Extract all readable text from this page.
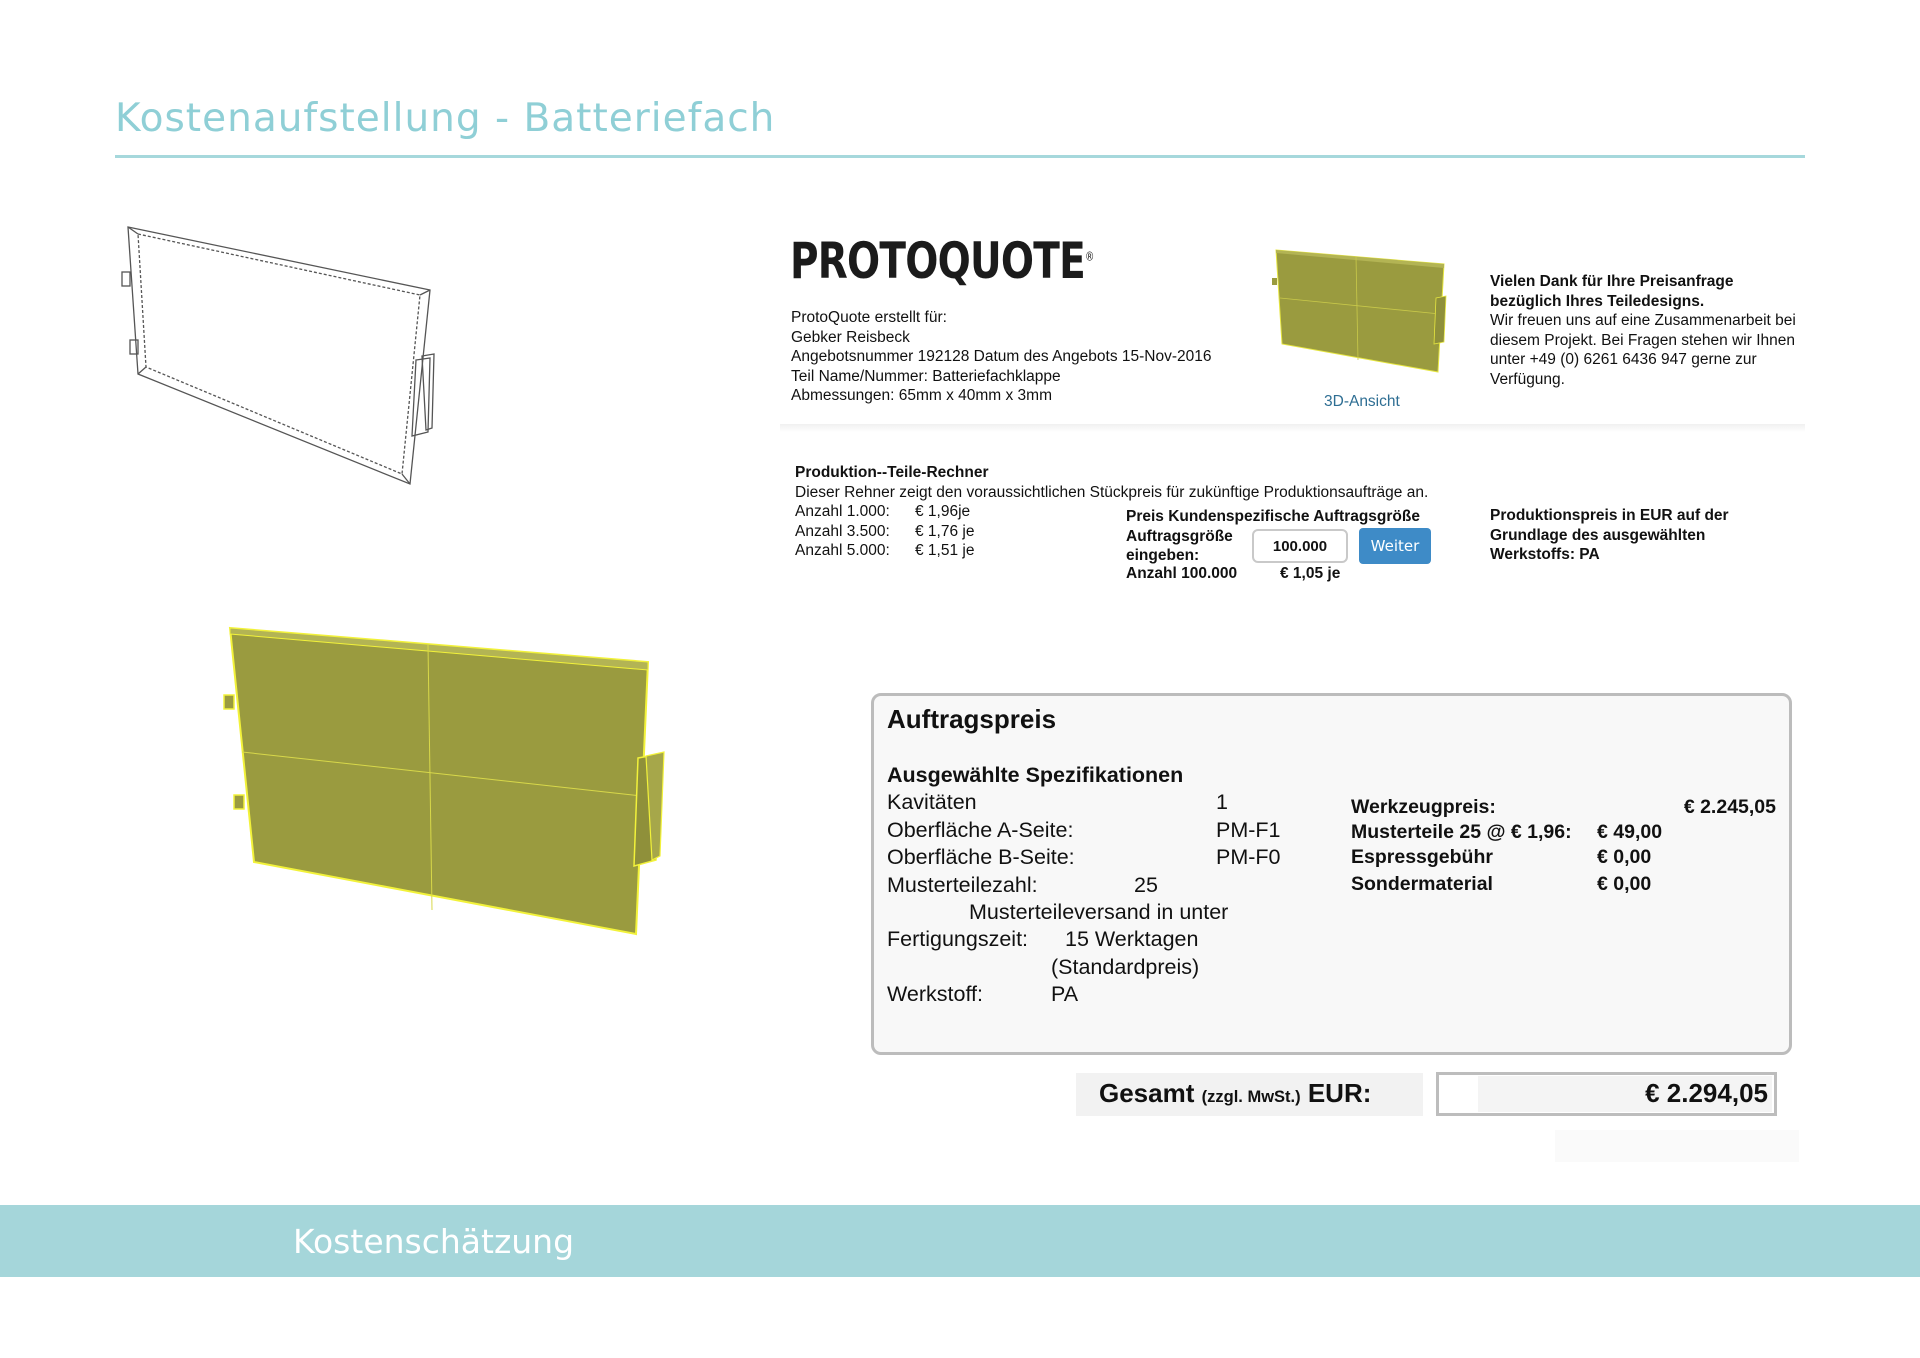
Kostenaufstellung - Batteriefach
PROTOQUOTE®
ProtoQuote erstellt für:
Gebker Reisbeck
Angebotsnummer 192128 Datum des Angebots 15-Nov-2016
Teil Name/Nummer: Batteriefachklappe
Abmessungen: 65mm x 40mm x 3mm	3D-Ansicht
Vielen Dank für Ihre Preisanfrage bezüglich Ihres Teiledesigns.
Wir freuen uns auf eine Zusammenarbeit bei diesem Projekt. Bei Fragen stehen wir Ihnen unter +49 (0) 6261 6436 947 gerne zur Verfügung.
Produktion--Teile-Rechner
Dieser Rehner zeigt den voraussichtlichen Stückpreis für zukünftige Produktionsaufträge an.
Anzahl 1.000: € 1,96je
Anzahl 3.500: € 1,76 je
Anzahl 5.000: € 1,51 je
Preis Kundenspezifische Auftragsgröße
Auftragsgröße
eingeben:
100.000
Weiter
Anzahl 100.000	€ 1,05 je
Produktionspreis in EUR auf der Grundlage des ausgewählten Werkstoffs: PA
Auftragspreis
Ausgewählte Spezifikationen
Kavitäten	1
Oberfläche A-Seite:	PM-F1
Oberfläche B-Seite:	PM-F0
Musterteilezahl:	25
Musterteileversand in unter
Fertigungszeit: 15 Werktagen
(Standardpreis)
Werkstoff:	PA
Werkzeugpreis:	€ 2.245,05
Musterteile 25 @ € 1,96: € 49,00
Espressgebühr	€ 0,00
Sondermaterial	€ 0,00
Gesamt (zzgl. MwSt.) EUR:	€ 2.294,05
Kostenschätzung
